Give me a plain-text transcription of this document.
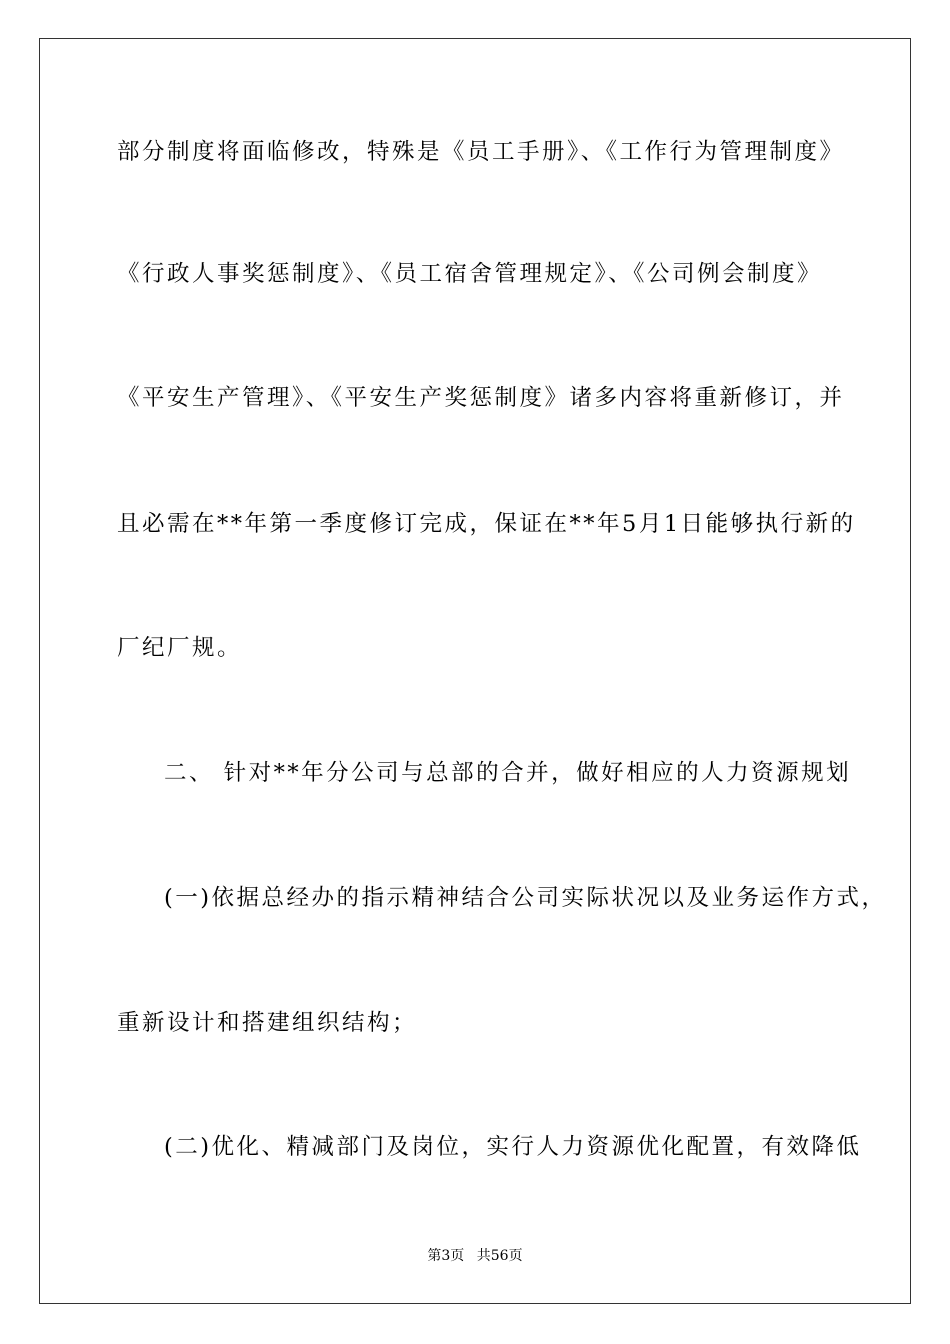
部分制度将面临修改，特殊是《员工手册》、《工作行为管理制度》
《行政人事奖惩制度》、《员工宿舍管理规定》、《公司例会制度》
《平安生产管理》、《平安生产奖惩制度》诸多内容将重新修订，并
且必需在**年第一季度修订完成，保证在**年5月1日能够执行新的
厂纪厂规。
二、 针对**年分公司与总部的合并，做好相应的人力资源规划
(一)依据总经办的指示精神结合公司实际状况以及业务运作方式，
重新设计和搭建组织结构；
(二)优化、精减部门及岗位，实行人力资源优化配置，有效降低
第3页 共56页
